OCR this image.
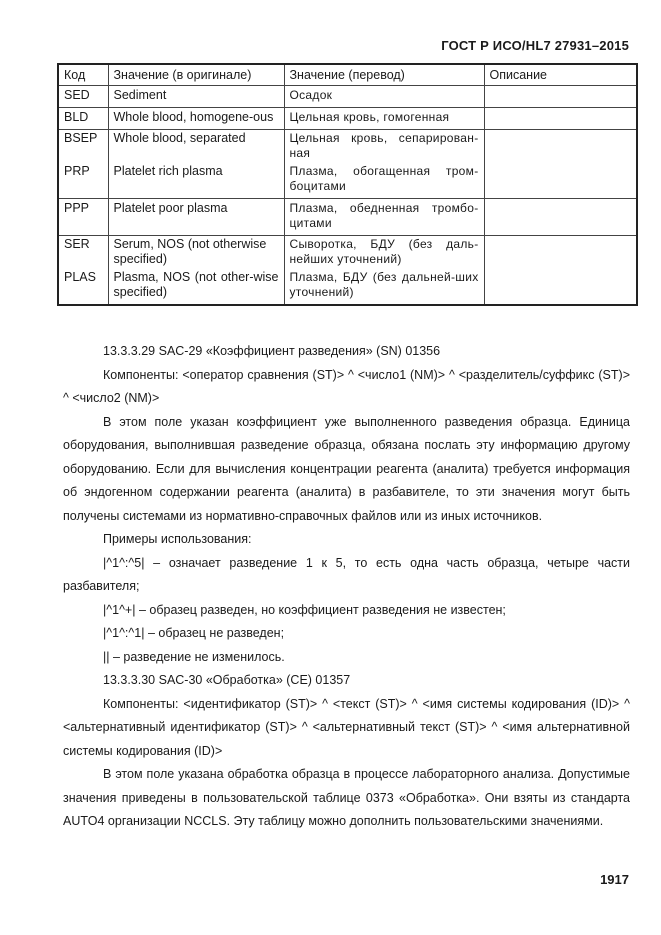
ГОСТ Р ИСО/HL7 27931–2015
Код	Значение (в оригинале)	Значение (перевод)	Описание
SED	Sediment	Осадок	
BLD	Whole blood, homogene-ous	Цельная кровь, гомогенная	
BSEP	Whole blood, separated	Цельная кровь, сепарирован-ная	
PRP	Platelet rich plasma	Плазма, обогащенная тром-боцитами	
PPP	Platelet poor plasma	Плазма, обедненная тромбо-цитами	
SER	Serum, NOS (not otherwise specified)	Сыворотка, БДУ (без даль-нейших уточнений)	
PLAS	Plasma, NOS (not other-wise specified)	Плазма, БДУ (без дальней-ших уточнений)	

13.3.3.29 SAC-29 «Коэффициент разведения» (SN) 01356

Компоненты: <оператор сравнения (ST)> ^ <число1 (NM)> ^ <разделитель/суффикс (ST)> ^ <число2 (NM)>

В этом поле указан коэффициент уже выполненного разведения образца. Единица оборудования, выполнившая разведение образца, обязана послать эту информацию другому оборудованию. Если для вычисления концентрации реагента (аналита) требуется информация об эндогенном содержании реагента (аналита) в разбавителе, то эти значения могут быть получены системами из нормативно-справочных файлов или из иных источников.

Примеры использования:

|^1^:^5| – означает разведение 1 к 5, то есть одна часть образца, четыре части разбавителя;

|^1^+| – образец разведен, но коэффициент разведения не известен;

|^1^:^1| – образец не разведен;

|| – разведение не изменилось.

13.3.3.30 SAC-30 «Обработка» (CE) 01357

Компоненты: <идентификатор (ST)> ^ <текст (ST)> ^ <имя системы кодирования (ID)> ^ <альтернативный идентификатор (ST)> ^ <альтернативный текст (ST)> ^ <имя альтернативной системы кодирования (ID)>

В этом поле указана обработка образца в процессе лабораторного анализа. Допустимые значения приведены в пользовательской таблице 0373 «Обработка». Они взяты из стандарта AUTO4 организации NCCLS. Эту таблицу можно дополнить пользовательскими значениями.

1917
